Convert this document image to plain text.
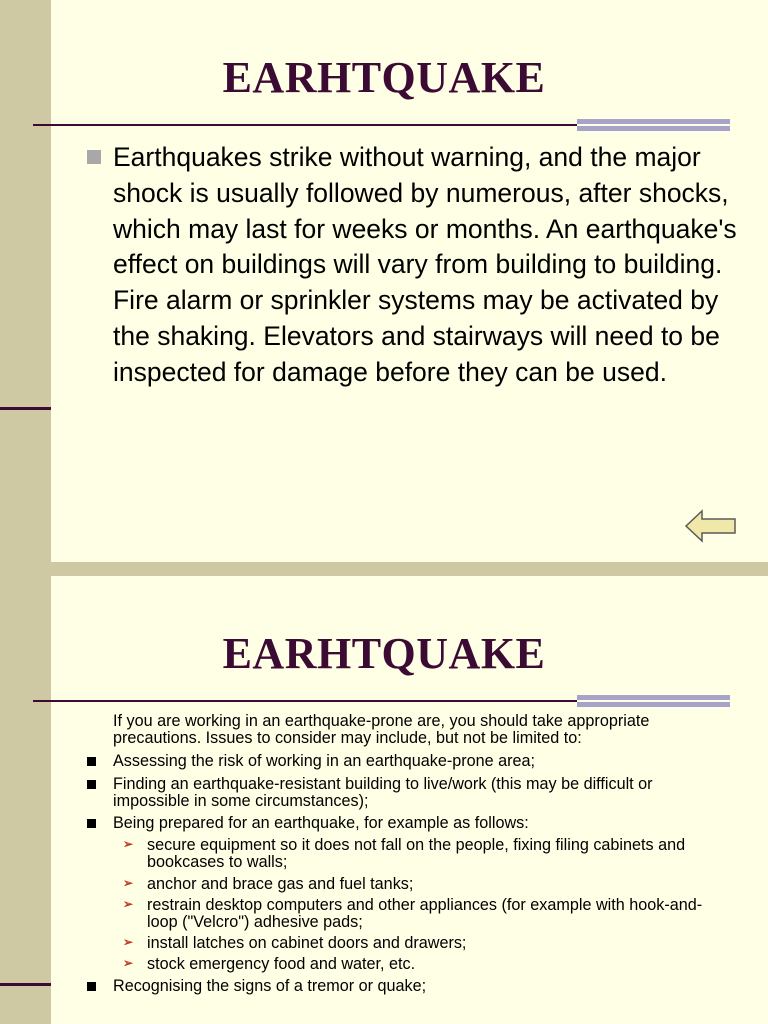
EARHTQUAKE
Earthquakes strike without warning, and the major shock is usually followed by numerous, after shocks, which may last for weeks or months. An earthquake's effect on buildings will vary from building to building. Fire alarm or sprinkler systems may be activated by the shaking. Elevators and stairways will need to be inspected for damage before they can be used.
EARHTQUAKE
If you are working in an earthquake-prone are, you should take appropriate precautions. Issues to consider may include, but not be limited to:
Assessing the risk of working in an earthquake-prone area;
Finding an earthquake-resistant building to live/work (this may be difficult or impossible in some circumstances);
Being prepared for an earthquake, for example as follows:
➢ secure equipment so it does not fall on the people, fixing filing cabinets and bookcases to walls;
➢ anchor and brace gas and fuel tanks;
➢ restrain desktop computers and other appliances (for example with hook-and-loop ("Velcro") adhesive pads;
➢ install latches on cabinet doors and drawers;
➢ stock emergency food and water, etc.
Recognising the signs of a tremor or quake;
